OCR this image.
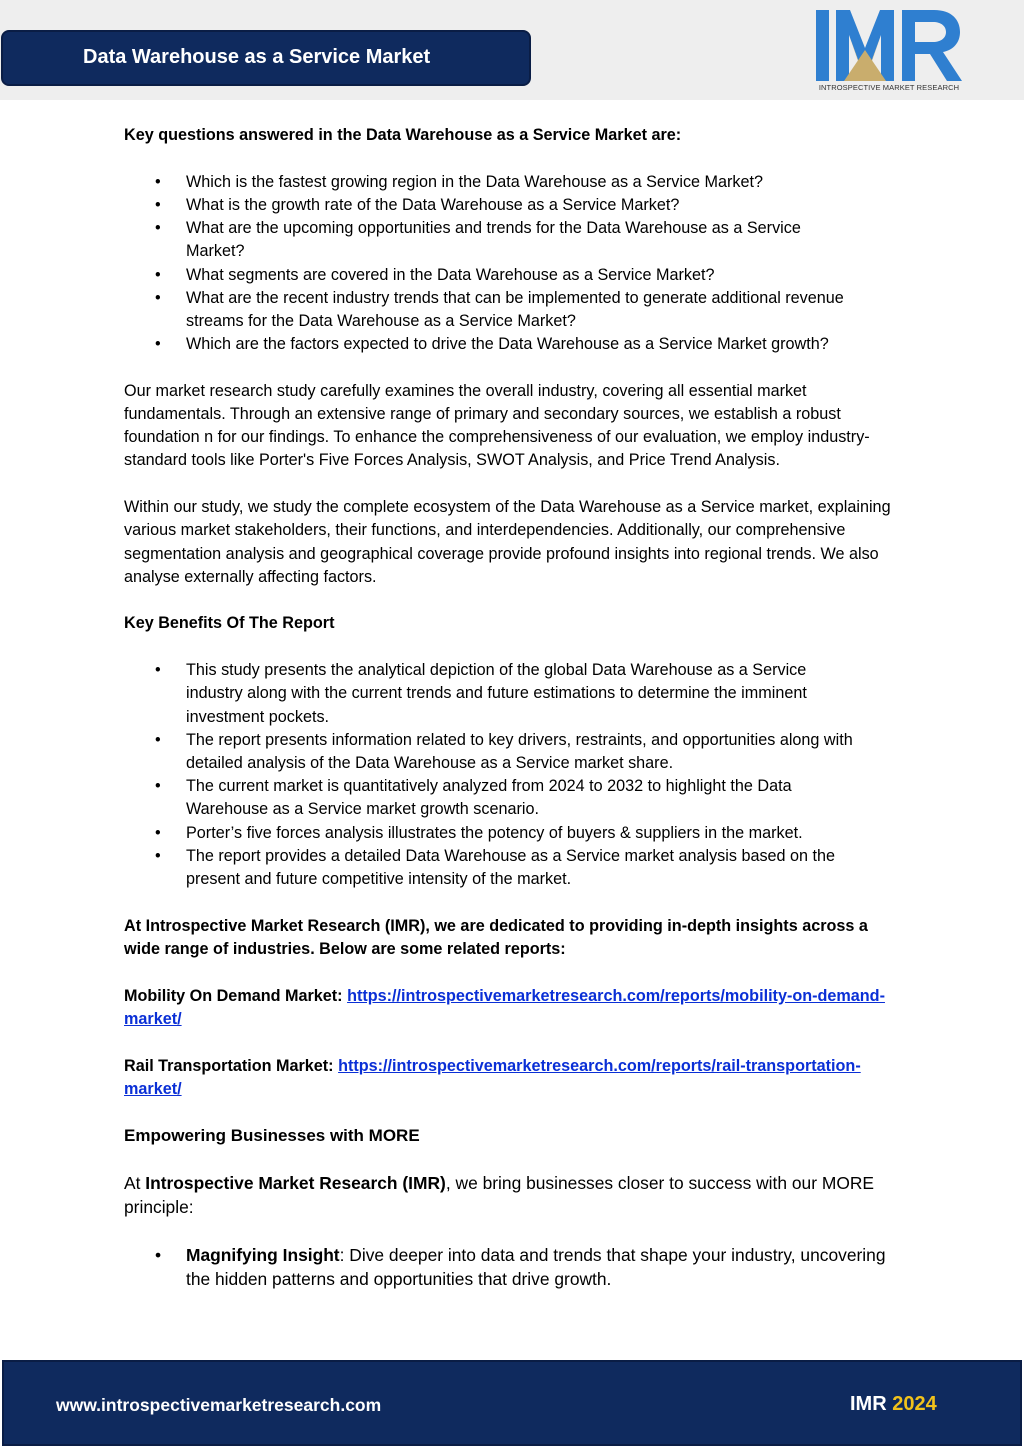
Data Warehouse as a Service Market
INTROSPECTIVE MARKET RESEARCH

Key questions answered in the Data Warehouse as a Service Market are:

• Which is the fastest growing region in the Data Warehouse as a Service Market?
• What is the growth rate of the Data Warehouse as a Service Market?
• What are the upcoming opportunities and trends for the Data Warehouse as a Service Market?
• What segments are covered in the Data Warehouse as a Service Market?
• What are the recent industry trends that can be implemented to generate additional revenue streams for the Data Warehouse as a Service Market?
• Which are the factors expected to drive the Data Warehouse as a Service Market growth?

Our market research study carefully examines the overall industry, covering all essential market fundamentals. Through an extensive range of primary and secondary sources, we establish a robust foundation n for our findings. To enhance the comprehensiveness of our evaluation, we employ industry-standard tools like Porter's Five Forces Analysis, SWOT Analysis, and Price Trend Analysis.

Within our study, we study the complete ecosystem of the Data Warehouse as a Service market, explaining various market stakeholders, their functions, and interdependencies. Additionally, our comprehensive segmentation analysis and geographical coverage provide profound insights into regional trends. We also analyse externally affecting factors.

Key Benefits Of The Report

• This study presents the analytical depiction of the global Data Warehouse as a Service industry along with the current trends and future estimations to determine the imminent investment pockets.
• The report presents information related to key drivers, restraints, and opportunities along with detailed analysis of the Data Warehouse as a Service market share.
• The current market is quantitatively analyzed from 2024 to 2032 to highlight the Data Warehouse as a Service market growth scenario.
• Porter’s five forces analysis illustrates the potency of buyers & suppliers in the market.
• The report provides a detailed Data Warehouse as a Service market analysis based on the present and future competitive intensity of the market.

At Introspective Market Research (IMR), we are dedicated to providing in-depth insights across a wide range of industries. Below are some related reports:

Mobility On Demand Market: https://introspectivemarketresearch.com/reports/mobility-on-demand-market/

Rail Transportation Market: https://introspectivemarketresearch.com/reports/rail-transportation-market/

Empowering Businesses with MORE

At Introspective Market Research (IMR), we bring businesses closer to success with our MORE principle:

• Magnifying Insight: Dive deeper into data and trends that shape your industry, uncovering the hidden patterns and opportunities that drive growth.
www.introspectivemarketresearch.com	IMR 2024
